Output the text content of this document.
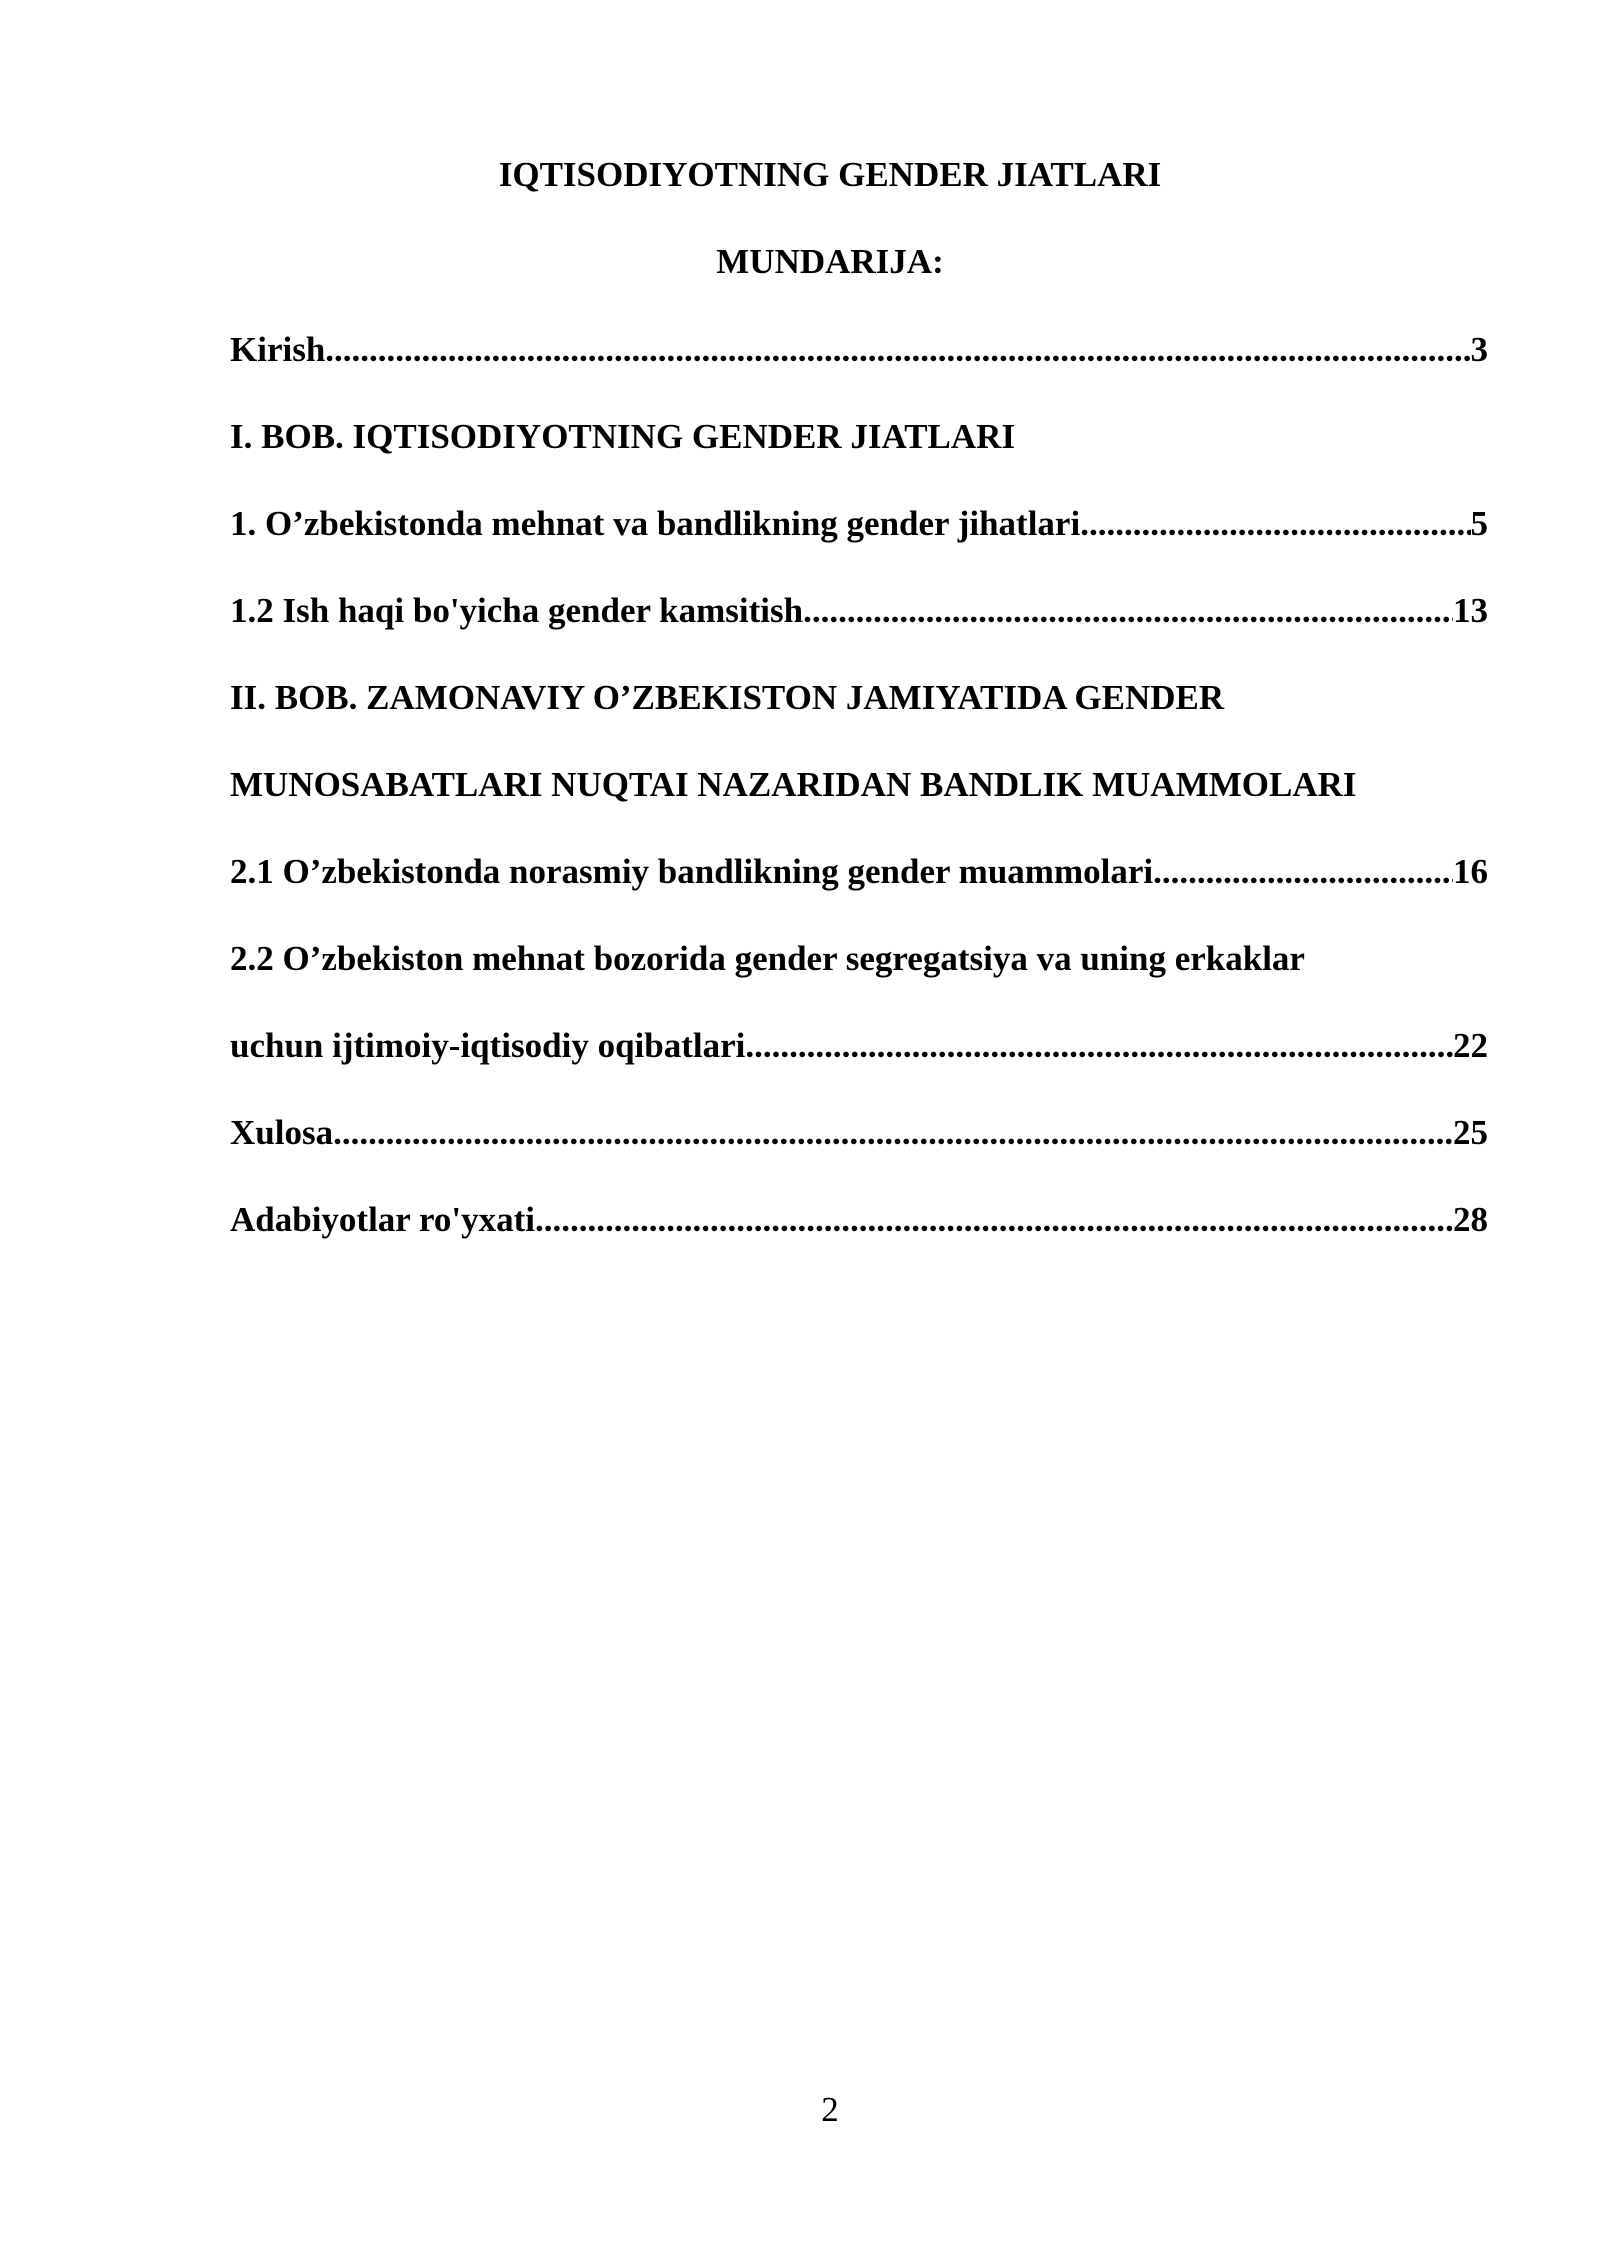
IQTISODIYOTNING GENDER JIATLARI
MUNDARIJA:
Kirish .....	3
I. BOB. IQTISODIYOTNING GENDER JIATLARI
1. O’zbekistonda mehnat va bandlikning gender jihatlari .....	5
1.2 Ish haqi bo'yicha gender kamsitish .....	13
II. BOB. ZAMONAVIY O’ZBEKISTON JAMIYATIDA GENDER
MUNOSABATLARI NUQTAI NAZARIDAN BANDLIK MUAMMOLARI
2.1 O’zbekistonda norasmiy bandlikning gender muammolari .....	16
2.2 O’zbekiston mehnat bozorida gender segregatsiya va uning erkaklar
uchun ijtimoiy-iqtisodiy oqibatlari .....	22
Xulosa .....	25
Adabiyotlar ro'yxati .....	28
2
